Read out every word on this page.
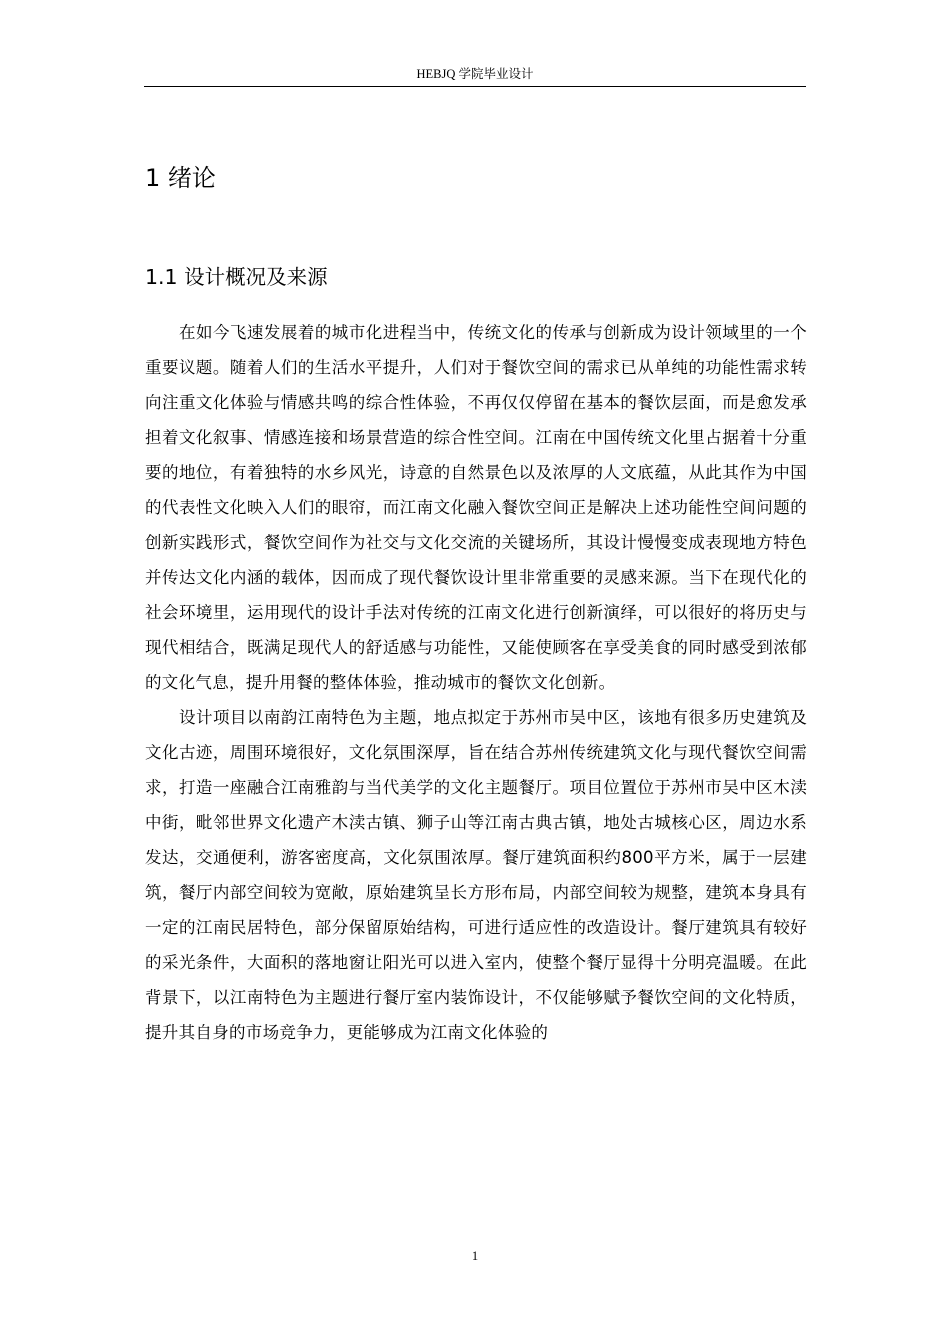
HEBJQ 学院毕业设计
1 绪论
1.1 设计概况及来源

在如今飞速发展着的城市化进程当中，传统文化的传承与创新成为设计领域里的一个重要议题。随着人们的生活水平提升，人们对于餐饮空间的需求已从单纯的功能性需求转向注重文化体验与情感共鸣的综合性体验，不再仅仅停留在基本的餐饮层面，而是愈发承担着文化叙事、情感连接和场景营造的综合性空间。江南在中国传统文化里占据着十分重要的地位，有着独特的水乡风光，诗意的自然景色以及浓厚的人文底蕴，从此其作为中国的代表性文化映入人们的眼帘，而江南文化融入餐饮空间正是解决上述功能性空间问题的创新实践形式，餐饮空间作为社交与文化交流的关键场所，其设计慢慢变成表现地方特色并传达文化内涵的载体，因而成了现代餐饮设计里非常重要的灵感来源。当下在现代化的社会环境里，运用现代的设计手法对传统的江南文化进行创新演绎，可以很好的将历史与现代相结合，既满足现代人的舒适感与功能性，又能使顾客在享受美食的同时感受到浓郁的文化气息，提升用餐的整体体验，推动城市的餐饮文化创新。

设计项目以南韵江南特色为主题，地点拟定于苏州市吴中区，该地有很多历史建筑及文化古迹，周围环境很好，文化氛围深厚，旨在结合苏州传统建筑文化与现代餐饮空间需求，打造一座融合江南雅韵与当代美学的文化主题餐厅。项目位置位于苏州市吴中区木渎中街，毗邻世界文化遗产木渎古镇、狮子山等江南古典古镇，地处古城核心区，周边水系发达，交通便利，游客密度高，文化氛围浓厚。餐厅建筑面积约800平方米，属于一层建筑，餐厅内部空间较为宽敞，原始建筑呈长方形布局，内部空间较为规整，建筑本身具有一定的江南民居特色，部分保留原始结构，可进行适应性的改造设计。餐厅建筑具有较好的采光条件，大面积的落地窗让阳光可以进入室内，使整个餐厅显得十分明亮温暖。在此背景下，以江南特色为主题进行餐厅室内装饰设计，不仅能够赋予餐饮空间的文化特质，提升其自身的市场竞争力，更能够成为江南文化体验的

1
